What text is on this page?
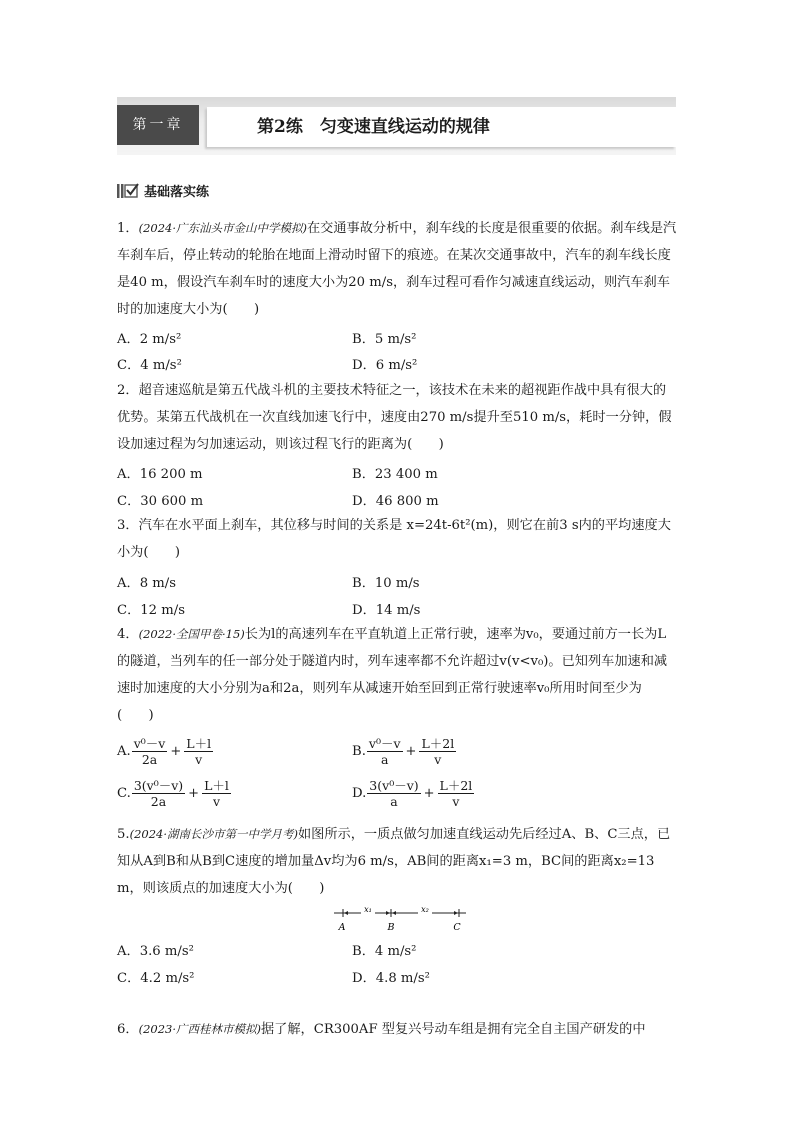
第一章	第2练　匀变速直线运动的规律
基础落实练
1．(2024·广东汕头市金山中学模拟)在交通事故分析中，刹车线的长度是很重要的依据。刹车线是汽车刹车后，停止转动的轮胎在地面上滑动时留下的痕迹。在某次交通事故中，汽车的刹车线长度是40 m，假设汽车刹车时的速度大小为20 m/s，刹车过程可看作匀减速直线运动，则汽车刹车时的加速度大小为(　　)
A．2 m/s²	B．5 m/s²
C．4 m/s²	D．6 m/s²
2．超音速巡航是第五代战斗机的主要技术特征之一，该技术在未来的超视距作战中具有很大的优势。某第五代战机在一次直线加速飞行中，速度由270 m/s提升至510 m/s，耗时一分钟，假设加速过程为匀加速运动，则该过程飞行的距离为(　　)
A．16 200 m	B．23 400 m
C．30 600 m	D．46 800 m
3．汽车在水平面上刹车，其位移与时间的关系是 x=24t-6t²(m)，则它在前3 s内的平均速度大小为(　　)
A．8 m/s	B．10 m/s
C．12 m/s	D．14 m/s
4．(2022·全国甲卷·15)长为l的高速列车在平直轨道上正常行驶，速率为v₀，要通过前方一长为L的隧道，当列车的任一部分处于隧道内时，列车速率都不允许超过v(v<v₀)。已知列车加速和减速时加速度的大小分别为a和2a，则列车从减速开始至回到正常行驶速率v₀所用时间至少为(　　)
A. $\frac{\text{v⁰－v}}{2a} + \frac{L+l}{v}$	B. $\frac{\text{v⁰－v}}{a} + \frac{L+2l}{v}$
C. $\frac{\text{3(v⁰－v)}}{2a} + \frac{L+l}{v}$	D. $\frac{\text{3(v⁰－v)}}{a} + \frac{L+2l}{v}$
5.(2024·湖南长沙市第一中学月考)如图所示，一质点做匀加速直线运动先后经过A、B、C三点，已知从A到B和从B到C速度的增加量Δv均为6 m/s，AB间的距离x₁=3 m，BC间的距离x₂=13 m，则该质点的加速度大小为(　　)
x₁	x₂
A	B	C
A．3.6 m/s²	B．4 m/s²
C．4.2 m/s²	D．4.8 m/s²
6．(2023·广西桂林市模拟)据了解，CR300AF 型复兴号动车组是拥有完全自主国产研发的中
